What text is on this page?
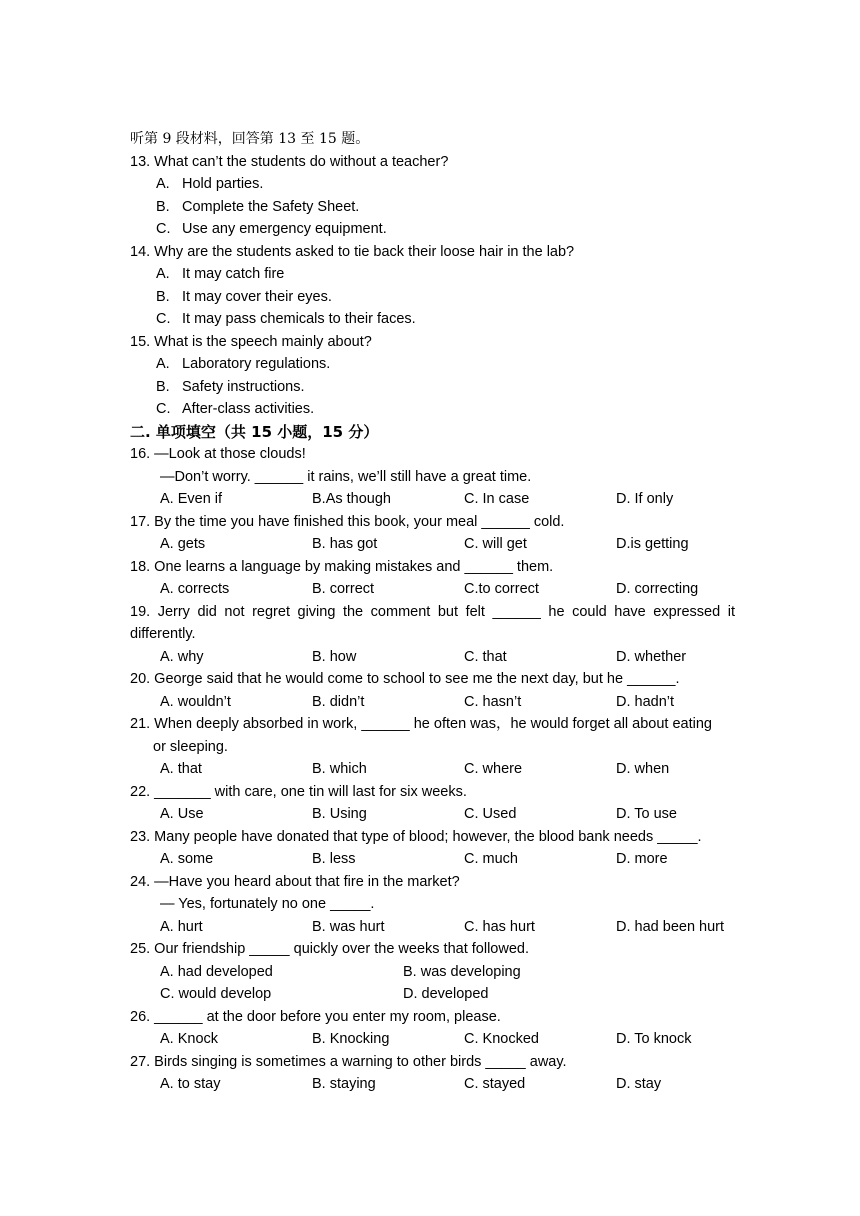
听第 9 段材料，回答第 13 至 15 题。
13. What can’t the students do without a teacher?
A. Hold parties.
B. Complete the Safety Sheet.
C. Use any emergency equipment.
14. Why are the students asked to tie back their loose hair in the lab?
A. It may catch fire
B. It may cover their eyes.
C. It may pass chemicals to their faces.
15. What is the speech mainly about?
A. Laboratory regulations.
B. Safety instructions.
C. After-class activities.
二. 单项填空（共 15 小题，15 分）
16. —Look at those clouds!
—Don’t worry. ______ it rains, we’ll still have a great time.
A. Even if	B.As though	C. In case	D. If only
17. By the time you have finished this book, your meal ______ cold.
A. gets	B. has got	C. will get	D.is getting
18. One learns a language by making mistakes and ______ them.
A. corrects	B. correct	C.to correct	D. correcting
19. Jerry did not regret giving the comment but felt ______ he could have expressed it
differently.
A. why	B. how	C. that	D. whether
20. George said that he would come to school to see me the next day, but he ______.
A. wouldn’t	B. didn’t	C. hasn’t	D. hadn’t
21. When deeply absorbed in work, ______ he often was，he would forget all about eating
or sleeping.
A. that	B. which	C. where	D. when
22. _______ with care, one tin will last for six weeks.
A. Use	B. Using	C. Used	D. To use
23. Many people have donated that type of blood; however, the blood bank needs _____.
A. some	B. less	C. much	D. more
24. —Have you heard about that fire in the market?
— Yes, fortunately no one _____.
A. hurt	B. was hurt	C. has hurt	D. had been hurt
25. Our friendship _____ quickly over the weeks that followed.
A. had developed	B. was developing
C. would develop	D. developed
26. ______ at the door before you enter my room, please.
A. Knock	B. Knocking	C. Knocked	D. To knock
27. Birds singing is sometimes a warning to other birds _____ away.
A. to stay	B. staying	C. stayed	D. stay
